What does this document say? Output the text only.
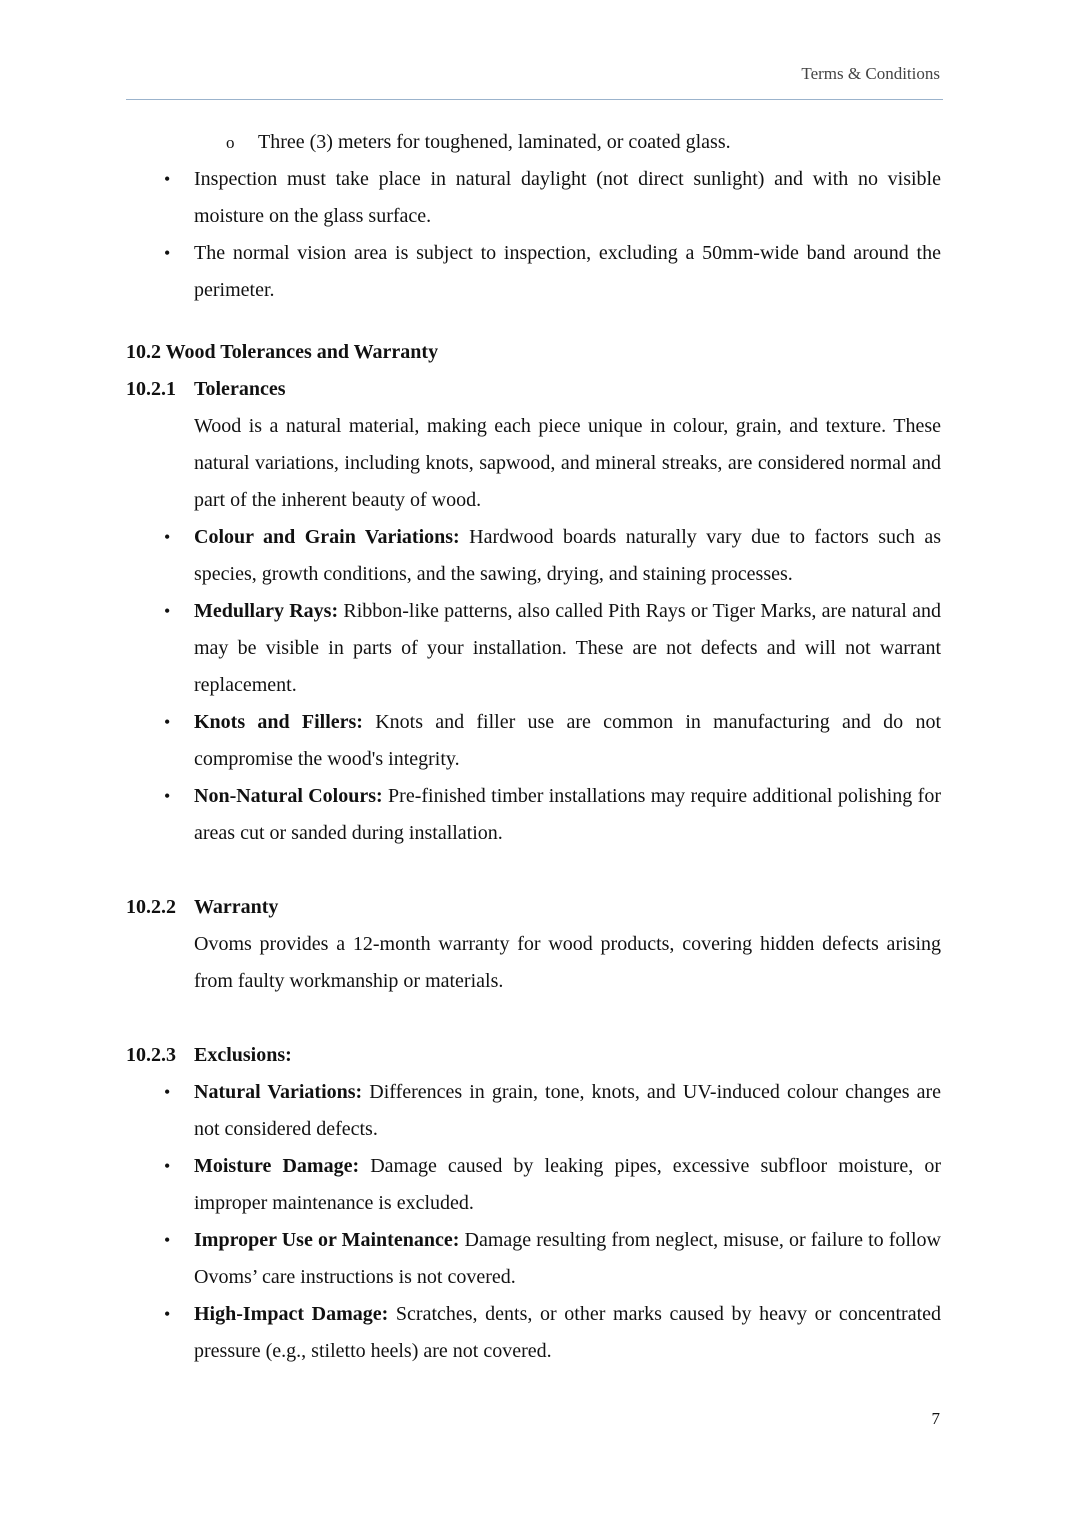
Terms & Conditions
o Three (3) meters for toughened, laminated, or coated glass.
• Inspection must take place in natural daylight (not direct sunlight) and with no visible moisture on the glass surface.
• The normal vision area is subject to inspection, excluding a 50mm-wide band around the perimeter.

10.2 Wood Tolerances and Warranty

10.2.1 Tolerances

Wood is a natural material, making each piece unique in colour, grain, and texture. These natural variations, including knots, sapwood, and mineral streaks, are considered normal and part of the inherent beauty of wood.

• Colour and Grain Variations: Hardwood boards naturally vary due to factors such as species, growth conditions, and the sawing, drying, and staining processes.
• Medullary Rays: Ribbon-like patterns, also called Pith Rays or Tiger Marks, are natural and may be visible in parts of your installation. These are not defects and will not warrant replacement.
• Knots and Fillers: Knots and filler use are common in manufacturing and do not compromise the wood's integrity.
• Non-Natural Colours: Pre-finished timber installations may require additional polishing for areas cut or sanded during installation.

10.2.2 Warranty

Ovoms provides a 12-month warranty for wood products, covering hidden defects arising from faulty workmanship or materials.

10.2.3 Exclusions:

• Natural Variations: Differences in grain, tone, knots, and UV-induced colour changes are not considered defects.
• Moisture Damage: Damage caused by leaking pipes, excessive subfloor moisture, or improper maintenance is excluded.
• Improper Use or Maintenance: Damage resulting from neglect, misuse, or failure to follow Ovoms’ care instructions is not covered.
• High-Impact Damage: Scratches, dents, or other marks caused by heavy or concentrated pressure (e.g., stiletto heels) are not covered.
7
